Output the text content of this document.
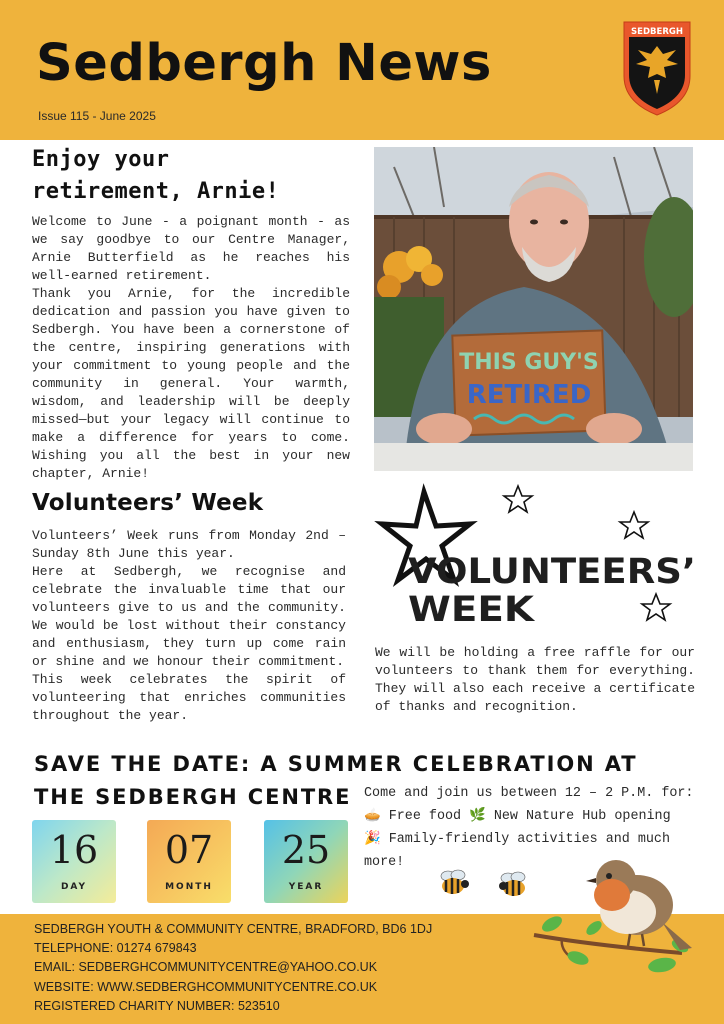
Sedbergh News
Issue 115 - June 2025
SEDBERGH
Enjoy your
retirement, Arnie!

Welcome to June - a poignant month - as we say goodbye to our Centre Manager, Arnie Butterfield as he reaches his well-earned retirement.

Thank you Arnie, for the incredible dedication and passion you have given to Sedbergh. You have been a cornerstone of the centre, inspiring generations with your commitment to young people and the community in general. Your warmth, wisdom, and leadership will be deeply missed—but your legacy will continue to make a difference for years to come. Wishing you all the best in your new chapter, Arnie!

THIS GUY'S
RETIRED
Volunteers’ Week

Volunteers’ Week runs from Monday 2nd – Sunday 8th June this year.

Here at Sedbergh, we recognise and celebrate the invaluable time that our volunteers give to us and the community. We would be lost without their constancy and enthusiasm, they turn up come rain or shine and we honour their commitment.

This week celebrates the spirit of volunteering that enriches communities throughout the year.

VOLUNTEERS’
WEEK
We will be holding a free raffle for our volunteers to thank them for everything. They will also each receive a certificate of thanks and recognition.
SAVE THE DATE: A SUMMER CELEBRATION AT
THE SEDBERGH CENTRE Come and join us between 12 – 2 P.M. for:
🥧 Free food 🌿 New Nature Hub opening
🎉 Family-friendly activities and much
more!
16
DAY
07
MONTH
25
YEAR
SEDBERGH YOUTH & COMMUNITY CENTRE, BRADFORD, BD6 1DJ
TELEPHONE: 01274 679843
EMAIL: SEDBERGHCOMMUNITYCENTRE@YAHOO.CO.UK
WEBSITE: WWW.SEDBERGHCOMMUNITYCENTRE.CO.UK
REGISTERED CHARITY NUMBER: 523510
